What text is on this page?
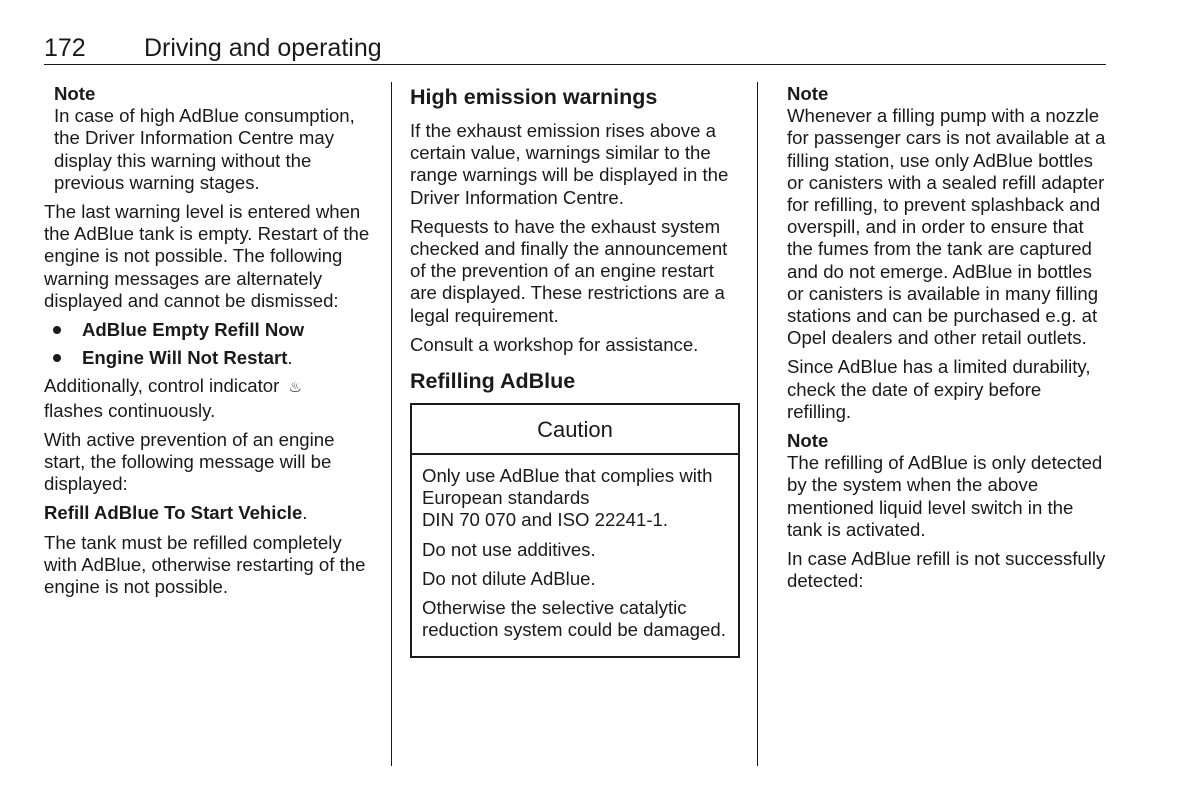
172 Driving and operating
Note
In case of high AdBlue consumption, the Driver Information Centre may display this warning without the previous warning stages.

The last warning level is entered when the AdBlue tank is empty. Restart of the engine is not possible. The following warning messages are alternately displayed and cannot be dismissed:

AdBlue Empty Refill Now
Engine Will Not Restart.

Additionally, control indicator ♨
flashes continuously.

With active prevention of an engine start, the following message will be displayed:

Refill AdBlue To Start Vehicle.

The tank must be refilled completely with AdBlue, otherwise restarting of the engine is not possible.

High emission warnings

If the exhaust emission rises above a certain value, warnings similar to the range warnings will be displayed in the Driver Information Centre.

Requests to have the exhaust system checked and finally the announcement of the prevention of an engine restart are displayed. These restrictions are a legal requirement.

Consult a workshop for assistance.

Refilling AdBlue
Caution

Only use AdBlue that complies with European standards
DIN 70 070 and ISO 22241-1.

Do not use additives.

Do not dilute AdBlue.

Otherwise the selective catalytic reduction system could be damaged.

Note
Whenever a filling pump with a nozzle for passenger cars is not available at a filling station, use only AdBlue bottles or canisters with a sealed refill adapter for refilling, to prevent splashback and overspill, and in order to ensure that the fumes from the tank are captured and do not emerge. AdBlue in bottles or canisters is available in many filling stations and can be purchased e.g. at Opel dealers and other retail outlets.

Since AdBlue has a limited durability, check the date of expiry before refilling.

Note
The refilling of AdBlue is only detected by the system when the above mentioned liquid level switch in the tank is activated.

In case AdBlue refill is not successfully detected:
